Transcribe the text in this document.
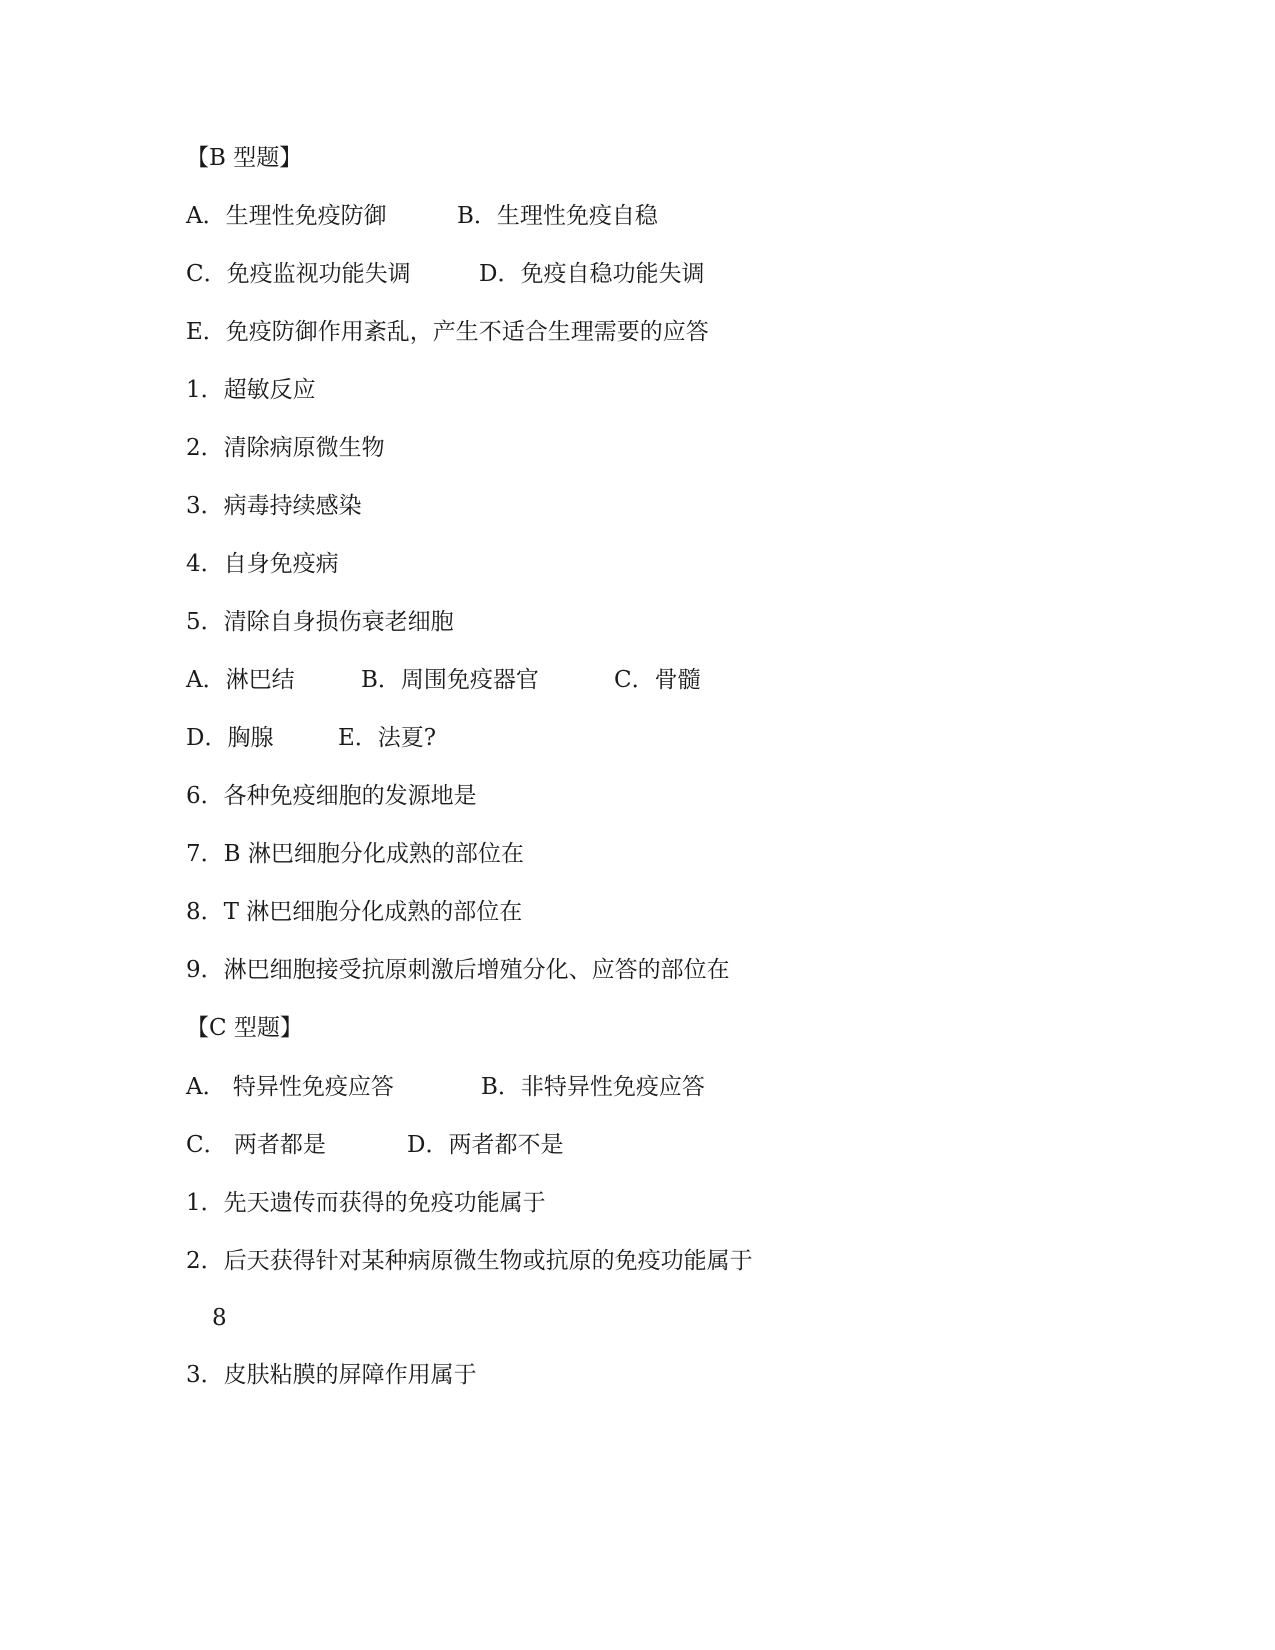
【B 型题】
A．生理性免疫防御	B．生理性免疫自稳
C．免疫监视功能失调	D．免疫自稳功能失调
E．免疫防御作用紊乱，产生不适合生理需要的应答
1．超敏反应
2．清除病原微生物
3．病毒持续感染
4．自身免疫病
5．清除自身损伤衰老细胞
A．淋巴结	B．周围免疫器官	C．骨髓
D．胸腺	E．法夏?
6．各种免疫细胞的发源地是
7．B 淋巴细胞分化成熟的部位在
8．T 淋巴细胞分化成熟的部位在
9．淋巴细胞接受抗原刺激后增殖分化、应答的部位在
【C 型题】
A． 特异性免疫应答	B．非特异性免疫应答
C． 两者都是	D．两者都不是
1．先天遗传而获得的免疫功能属于
2．后天获得针对某种病原微生物或抗原的免疫功能属于
8
3．皮肤粘膜的屏障作用属于
